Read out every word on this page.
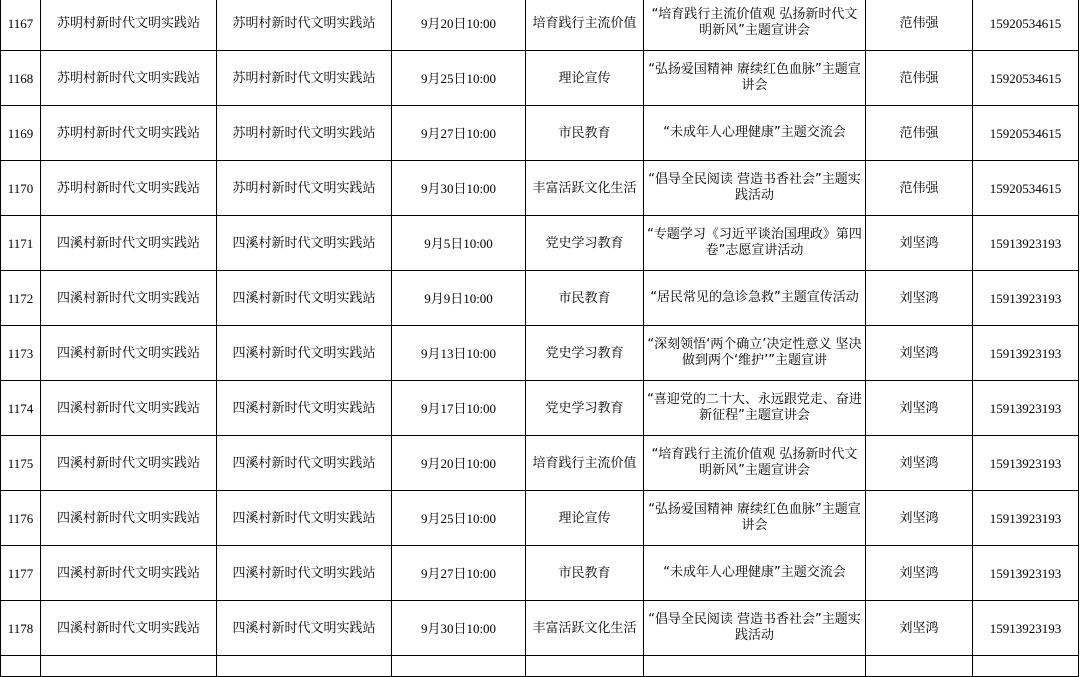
1167	苏明村新时代文明实践站	苏明村新时代文明实践站	9月20日10:00	培育践行主流价值	“培育践行主流价值观 弘扬新时代文明新风”主题宣讲会	范伟强	15920534615
1168	苏明村新时代文明实践站	苏明村新时代文明实践站	9月25日10:00	理论宣传	“弘扬爱国精神 赓续红色血脉”主题宣讲会	范伟强	15920534615
1169	苏明村新时代文明实践站	苏明村新时代文明实践站	9月27日10:00	市民教育	“未成年人心理健康”主题交流会	范伟强	15920534615
1170	苏明村新时代文明实践站	苏明村新时代文明实践站	9月30日10:00	丰富活跃文化生活	“倡导全民阅读 营造书香社会”主题实践活动	范伟强	15920534615
1171	四溪村新时代文明实践站	四溪村新时代文明实践站	9月5日10:00	党史学习教育	“专题学习《习近平谈治国理政》第四卷”志愿宣讲活动	刘坚鸿	15913923193
1172	四溪村新时代文明实践站	四溪村新时代文明实践站	9月9日10:00	市民教育	“居民常见的急诊急救”主题宣传活动	刘坚鸿	15913923193
1173	四溪村新时代文明实践站	四溪村新时代文明实践站	9月13日10:00	党史学习教育	“深刻领悟‘两个确立’决定性意义 坚决做到两个‘维护’”主题宣讲	刘坚鸿	15913923193
1174	四溪村新时代文明实践站	四溪村新时代文明实践站	9月17日10:00	党史学习教育	“喜迎党的二十大、永远跟党走、奋进新征程”主题宣讲会	刘坚鸿	15913923193
1175	四溪村新时代文明实践站	四溪村新时代文明实践站	9月20日10:00	培育践行主流价值	“培育践行主流价值观 弘扬新时代文明新风”主题宣讲会	刘坚鸿	15913923193
1176	四溪村新时代文明实践站	四溪村新时代文明实践站	9月25日10:00	理论宣传	“弘扬爱国精神 赓续红色血脉”主题宣讲会	刘坚鸿	15913923193
1177	四溪村新时代文明实践站	四溪村新时代文明实践站	9月27日10:00	市民教育	“未成年人心理健康”主题交流会	刘坚鸿	15913923193
1178	四溪村新时代文明实践站	四溪村新时代文明实践站	9月30日10:00	丰富活跃文化生活	“倡导全民阅读 营造书香社会”主题实践活动	刘坚鸿	15913923193
